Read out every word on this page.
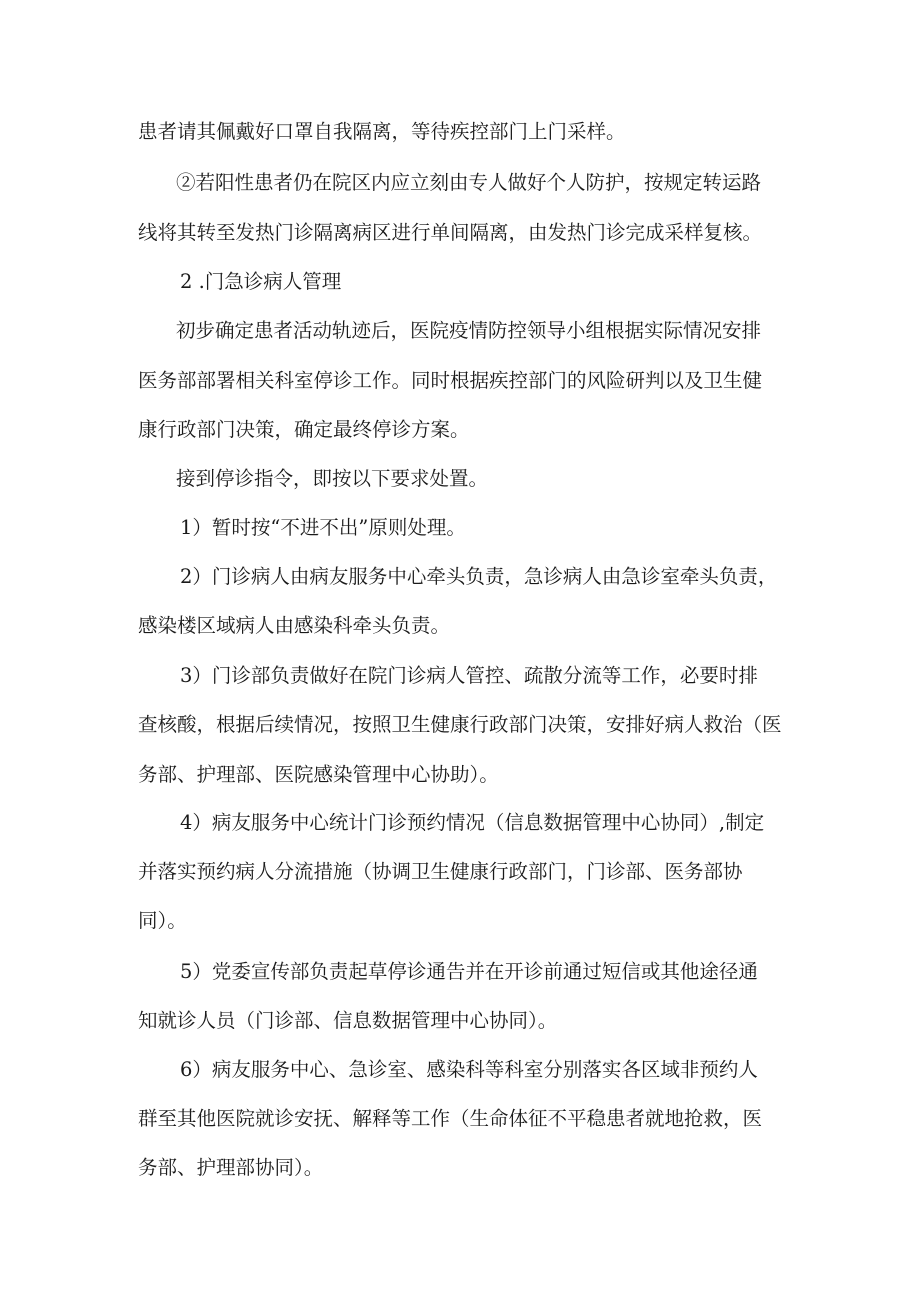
患者请其佩戴好口罩自我隔离，等待疾控部门上门采样。
②若阳性患者仍在院区内应立刻由专人做好个人防护，按规定转运路
线将其转至发热门诊隔离病区进行单间隔离，由发热门诊完成采样复核。
2 .门急诊病人管理
初步确定患者活动轨迹后，医院疫情防控领导小组根据实际情况安排
医务部部署相关科室停诊工作。同时根据疾控部门的风险研判以及卫生健
康行政部门决策，确定最终停诊方案。
接到停诊指令，即按以下要求处置。
1）暂时按“不进不出”原则处理。
2）门诊病人由病友服务中心牵头负责，急诊病人由急诊室牵头负责，
感染楼区域病人由感染科牵头负责。
3）门诊部负责做好在院门诊病人管控、疏散分流等工作，必要时排
查核酸，根据后续情况，按照卫生健康行政部门决策，安排好病人救治（医
务部、护理部、医院感染管理中心协助）。
4）病友服务中心统计门诊预约情况（信息数据管理中心协同）,制定
并落实预约病人分流措施（协调卫生健康行政部门，门诊部、医务部协
同）。
5）党委宣传部负责起草停诊通告并在开诊前通过短信或其他途径通
知就诊人员（门诊部、信息数据管理中心协同）。
6）病友服务中心、急诊室、感染科等科室分别落实各区域非预约人
群至其他医院就诊安抚、解释等工作（生命体征不平稳患者就地抢救，医
务部、护理部协同）。
